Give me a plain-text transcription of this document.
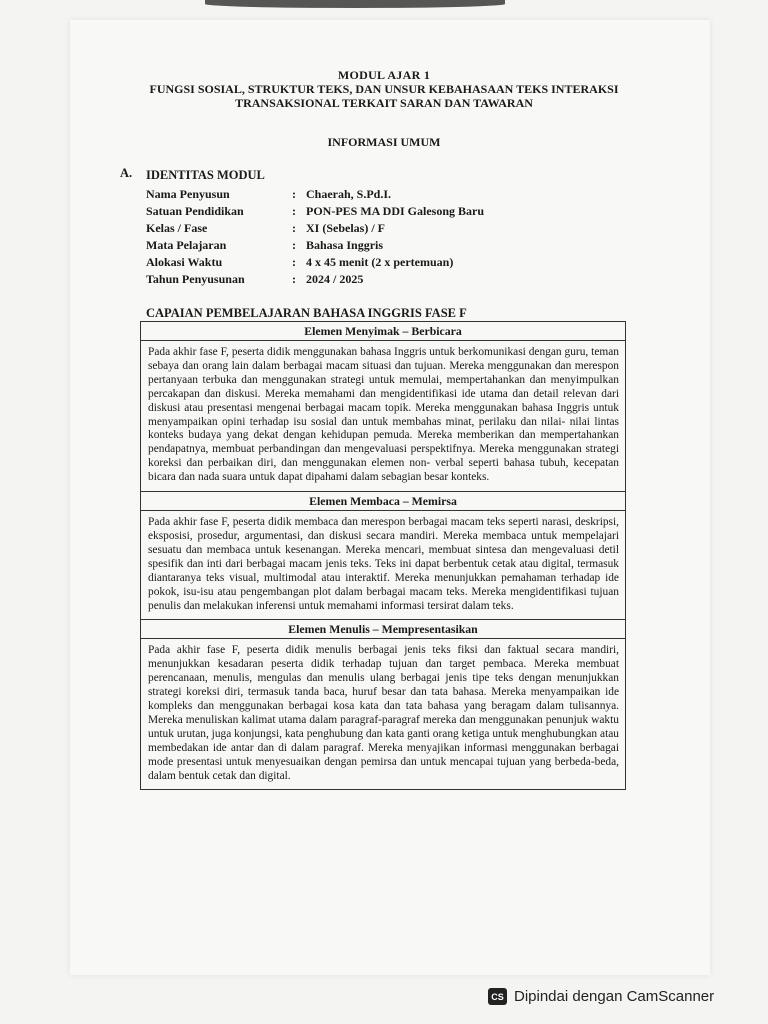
MODUL AJAR 1
FUNGSI SOSIAL, STRUKTUR TEKS, DAN UNSUR KEBAHASAAN TEKS INTERAKSI
TRANSAKSIONAL TERKAIT SARAN DAN TAWARAN
INFORMASI UMUM
A. IDENTITAS MODUL
Nama Penyusun	: Chaerah, S.Pd.I.
Satuan Pendidikan	: PON-PES MA DDI Galesong Baru
Kelas / Fase	: XI (Sebelas) / F
Mata Pelajaran	: Bahasa Inggris
Alokasi Waktu	: 4 x 45 menit (2 x pertemuan)
Tahun Penyusunan	: 2024 / 2025
CAPAIAN PEMBELAJARAN BAHASA INGGRIS FASE F
Elemen Menyimak – Berbicara
Pada akhir fase F, peserta didik menggunakan bahasa Inggris untuk berkomunikasi dengan guru, teman sebaya dan orang lain dalam berbagai macam situasi dan tujuan. Mereka menggunakan dan merespon pertanyaan terbuka dan menggunakan strategi untuk memulai, mempertahankan dan menyimpulkan percakapan dan diskusi. Mereka memahami dan mengidentifikasi ide utama dan detail relevan dari diskusi atau presentasi mengenai berbagai macam topik. Mereka menggunakan bahasa Inggris untuk menyampaikan opini terhadap isu sosial dan untuk membahas minat, perilaku dan nilai- nilai lintas konteks budaya yang dekat dengan kehidupan pemuda. Mereka memberikan dan mempertahankan pendapatnya, membuat perbandingan dan mengevaluasi perspektifnya. Mereka menggunakan strategi koreksi dan perbaikan diri, dan menggunakan elemen non- verbal seperti bahasa tubuh, kecepatan bicara dan nada suara untuk dapat dipahami dalam sebagian besar konteks.
Elemen Membaca – Memirsa
Pada akhir fase F, peserta didik membaca dan merespon berbagai macam teks seperti narasi, deskripsi, eksposisi, prosedur, argumentasi, dan diskusi secara mandiri. Mereka membaca untuk mempelajari sesuatu dan membaca untuk kesenangan. Mereka mencari, membuat sintesa dan mengevaluasi detil spesifik dan inti dari berbagai macam jenis teks. Teks ini dapat berbentuk cetak atau digital, termasuk diantaranya teks visual, multimodal atau interaktif. Mereka menunjukkan pemahaman terhadap ide pokok, isu-isu atau pengembangan plot dalam berbagai macam teks. Mereka mengidentifikasi tujuan penulis dan melakukan inferensi untuk memahami informasi tersirat dalam teks.
Elemen Menulis – Mempresentasikan
Pada akhir fase F, peserta didik menulis berbagai jenis teks fiksi dan faktual secara mandiri, menunjukkan kesadaran peserta didik terhadap tujuan dan target pembaca. Mereka membuat perencanaan, menulis, mengulas dan menulis ulang berbagai jenis tipe teks dengan menunjukkan strategi koreksi diri, termasuk tanda baca, huruf besar dan tata bahasa. Mereka menyampaikan ide kompleks dan menggunakan berbagai kosa kata dan tata bahasa yang beragam dalam tulisannya. Mereka menuliskan kalimat utama dalam paragraf-paragraf mereka dan menggunakan penunjuk waktu untuk urutan, juga konjungsi, kata penghubung dan kata ganti orang ketiga untuk menghubungkan atau membedakan ide antar dan di dalam paragraf. Mereka menyajikan informasi menggunakan berbagai mode presentasi untuk menyesuaikan dengan pemirsa dan untuk mencapai tujuan yang berbeda-beda, dalam bentuk cetak dan digital.
CS Dipindai dengan CamScanner
